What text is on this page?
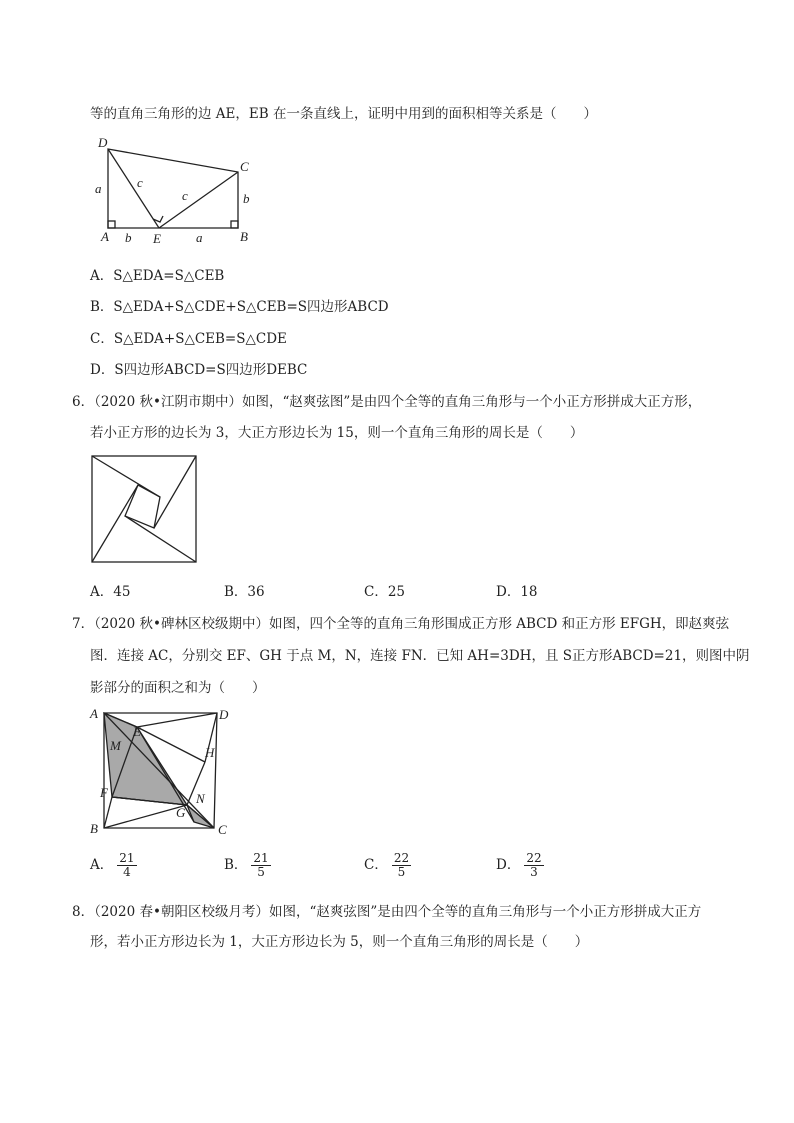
等的直角三角形的边 AE，EB 在一条直线上，证明中用到的面积相等关系是（　　）
D
C
a
b
c
c
A b E	a	B
A．S△EDA=S△CEB
B．S△EDA+S△CDE+S△CEB=S四边形ABCD
C．S△EDA+S△CEB=S△CDE
D．S四边形ABCD=S四边形DEBC
6．（2020 秋•江阴市期中）如图，“赵爽弦图”是由四个全等的直角三角形与一个小正方形拼成大正方形，
若小正方形的边长为 3，大正方形边长为 15，则一个直角三角形的周长是（　　）
A．45	B．36	C．25	D．18
7．（2020 秋•碑林区校级期中）如图，四个全等的直角三角形围成正方形 ABCD 和正方形 EFGH，即赵爽弦
图．连接 AC，分别交 EF、GH 于点 M，N，连接 FN．已知 AH=3DH，且 S正方形ABCD=21，则图中阴
影部分的面积之和为（　　）
A	D
E
M	H
F	N
G
B	C
A． $\frac{21}{4}$	B． $\frac{21}{5}$	C． $\frac{22}{5}$	D． $\frac{22}{3}$
8．（2020 春•朝阳区校级月考）如图，“赵爽弦图”是由四个全等的直角三角形与一个小正方形拼成大正方
形，若小正方形边长为 1，大正方形边长为 5，则一个直角三角形的周长是（　　）
